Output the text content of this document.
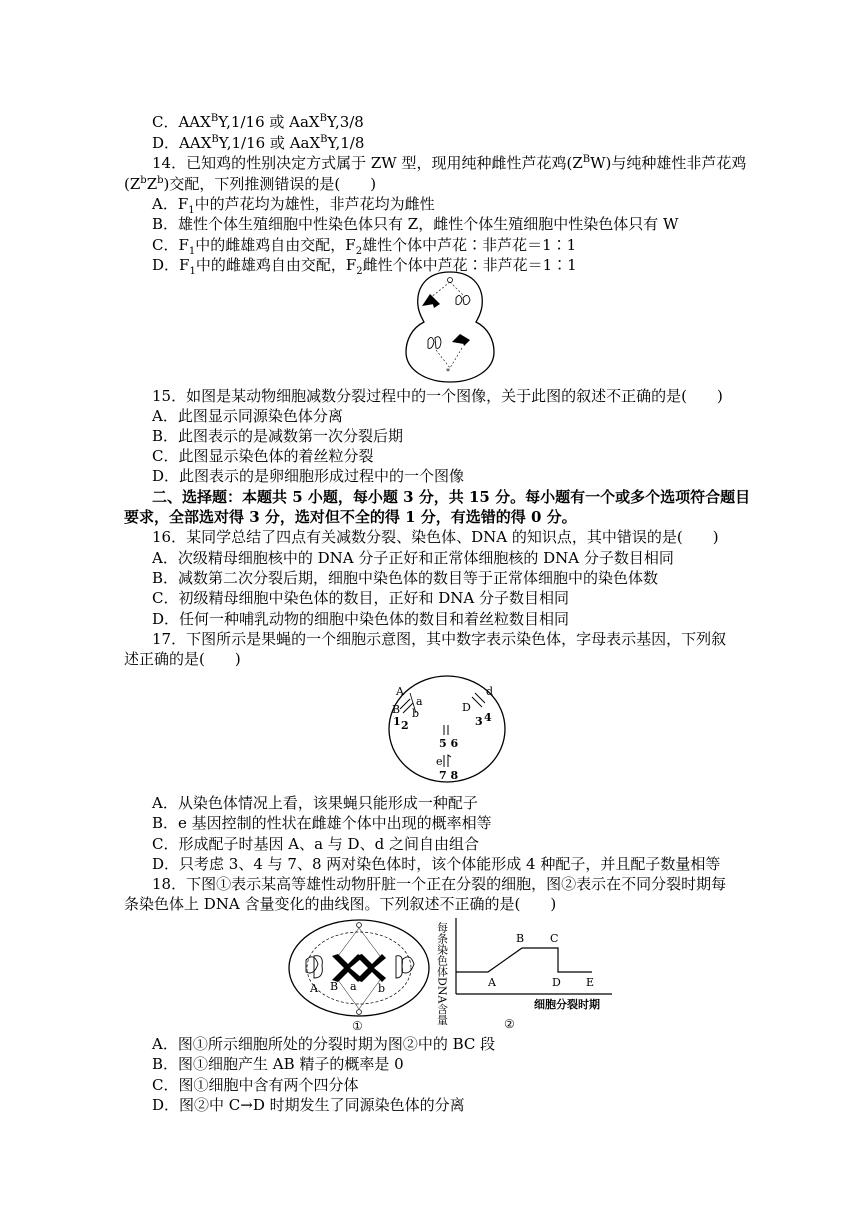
C．$AAX^BY,1/16$ 或 AaX$^B$Y,3/8
D．$AAX^BY,1/16$ 或 AaX$^B$Y,1/8
14．已知鸡的性别决定方式属于 ZW 型，现用纯种雌性芦花鸡$(Z^BW)$与纯种雄性非芦花鸡
$(Z^bZ^b)$交配，下列推测错误的是(　　)
A．$F_1$中的芦花均为雄性，非芦花均为雌性
B．雄性个体生殖细胞中性染色体只有 Z，雌性个体生殖细胞中性染色体只有 W
C．$F_1$中的雌雄鸡自由交配，$F_2$雄性个体中芦花∶非芦花＝1∶1
D．$F_1$中的雌雄鸡自由交配，$F_2$雌性个体中芦花∶非芦花＝1∶1
*
15．如图是某动物细胞减数分裂过程中的一个图像，关于此图的叙述不正确的是(　　)
A．此图显示同源染色体分离
B．此图表示的是减数第一次分裂后期
C．此图显示染色体的着丝粒分裂
D．此图表示的是卵细胞形成过程中的一个图像
二、选择题：本题共 5 小题，每小题 3 分，共 15 分。每小题有一个或多个选项符合题目
要求，全部选对得 3 分，选对但不全的得 1 分，有选错的得 0 分。
16．某同学总结了四点有关减数分裂、染色体、DNA 的知识点，其中错误的是(　　)
A．次级精母细胞核中的 DNA 分子正好和正常体细胞核的 DNA 分子数目相同
B．减数第二次分裂后期，细胞中染色体的数目等于正常体细胞中的染色体数
C．初级精母细胞中染色体的数目，正好和 DNA 分子数目相同
D．任何一种哺乳动物的细胞中染色体的数目和着丝粒数目相同
17．下图所示是果蝇的一个细胞示意图，其中数字表示染色体，字母表示基因，下列叙
述正确的是(　　)
A
a
B b
1 2
D
d
3 4
5 6
e
7 8
A．从染色体情况上看，该果蝇只能形成一种配子
B．e 基因控制的性状在雌雄个体中出现的概率相等
C．形成配子时基因 A、a 与 D、d 之间自由组合
D．只考虑 3、4 与 7、8 两对染色体时，该个体能形成 4 种配子，并且配子数量相等
18．下图①表示某高等雄性动物肝脏一个正在分裂的细胞，图②表示在不同分裂时期每
条染色体上 DNA 含量变化的曲线图。下列叙述不正确的是(　　)
A B a b
①
每条染色体DNA含量	A
B C
D E
细胞分裂时期
②
A．图①所示细胞所处的分裂时期为图②中的 BC 段
B．图①细胞产生 AB 精子的概率是 0
C．图①细胞中含有两个四分体
D．图②中 C→D 时期发生了同源染色体的分离
